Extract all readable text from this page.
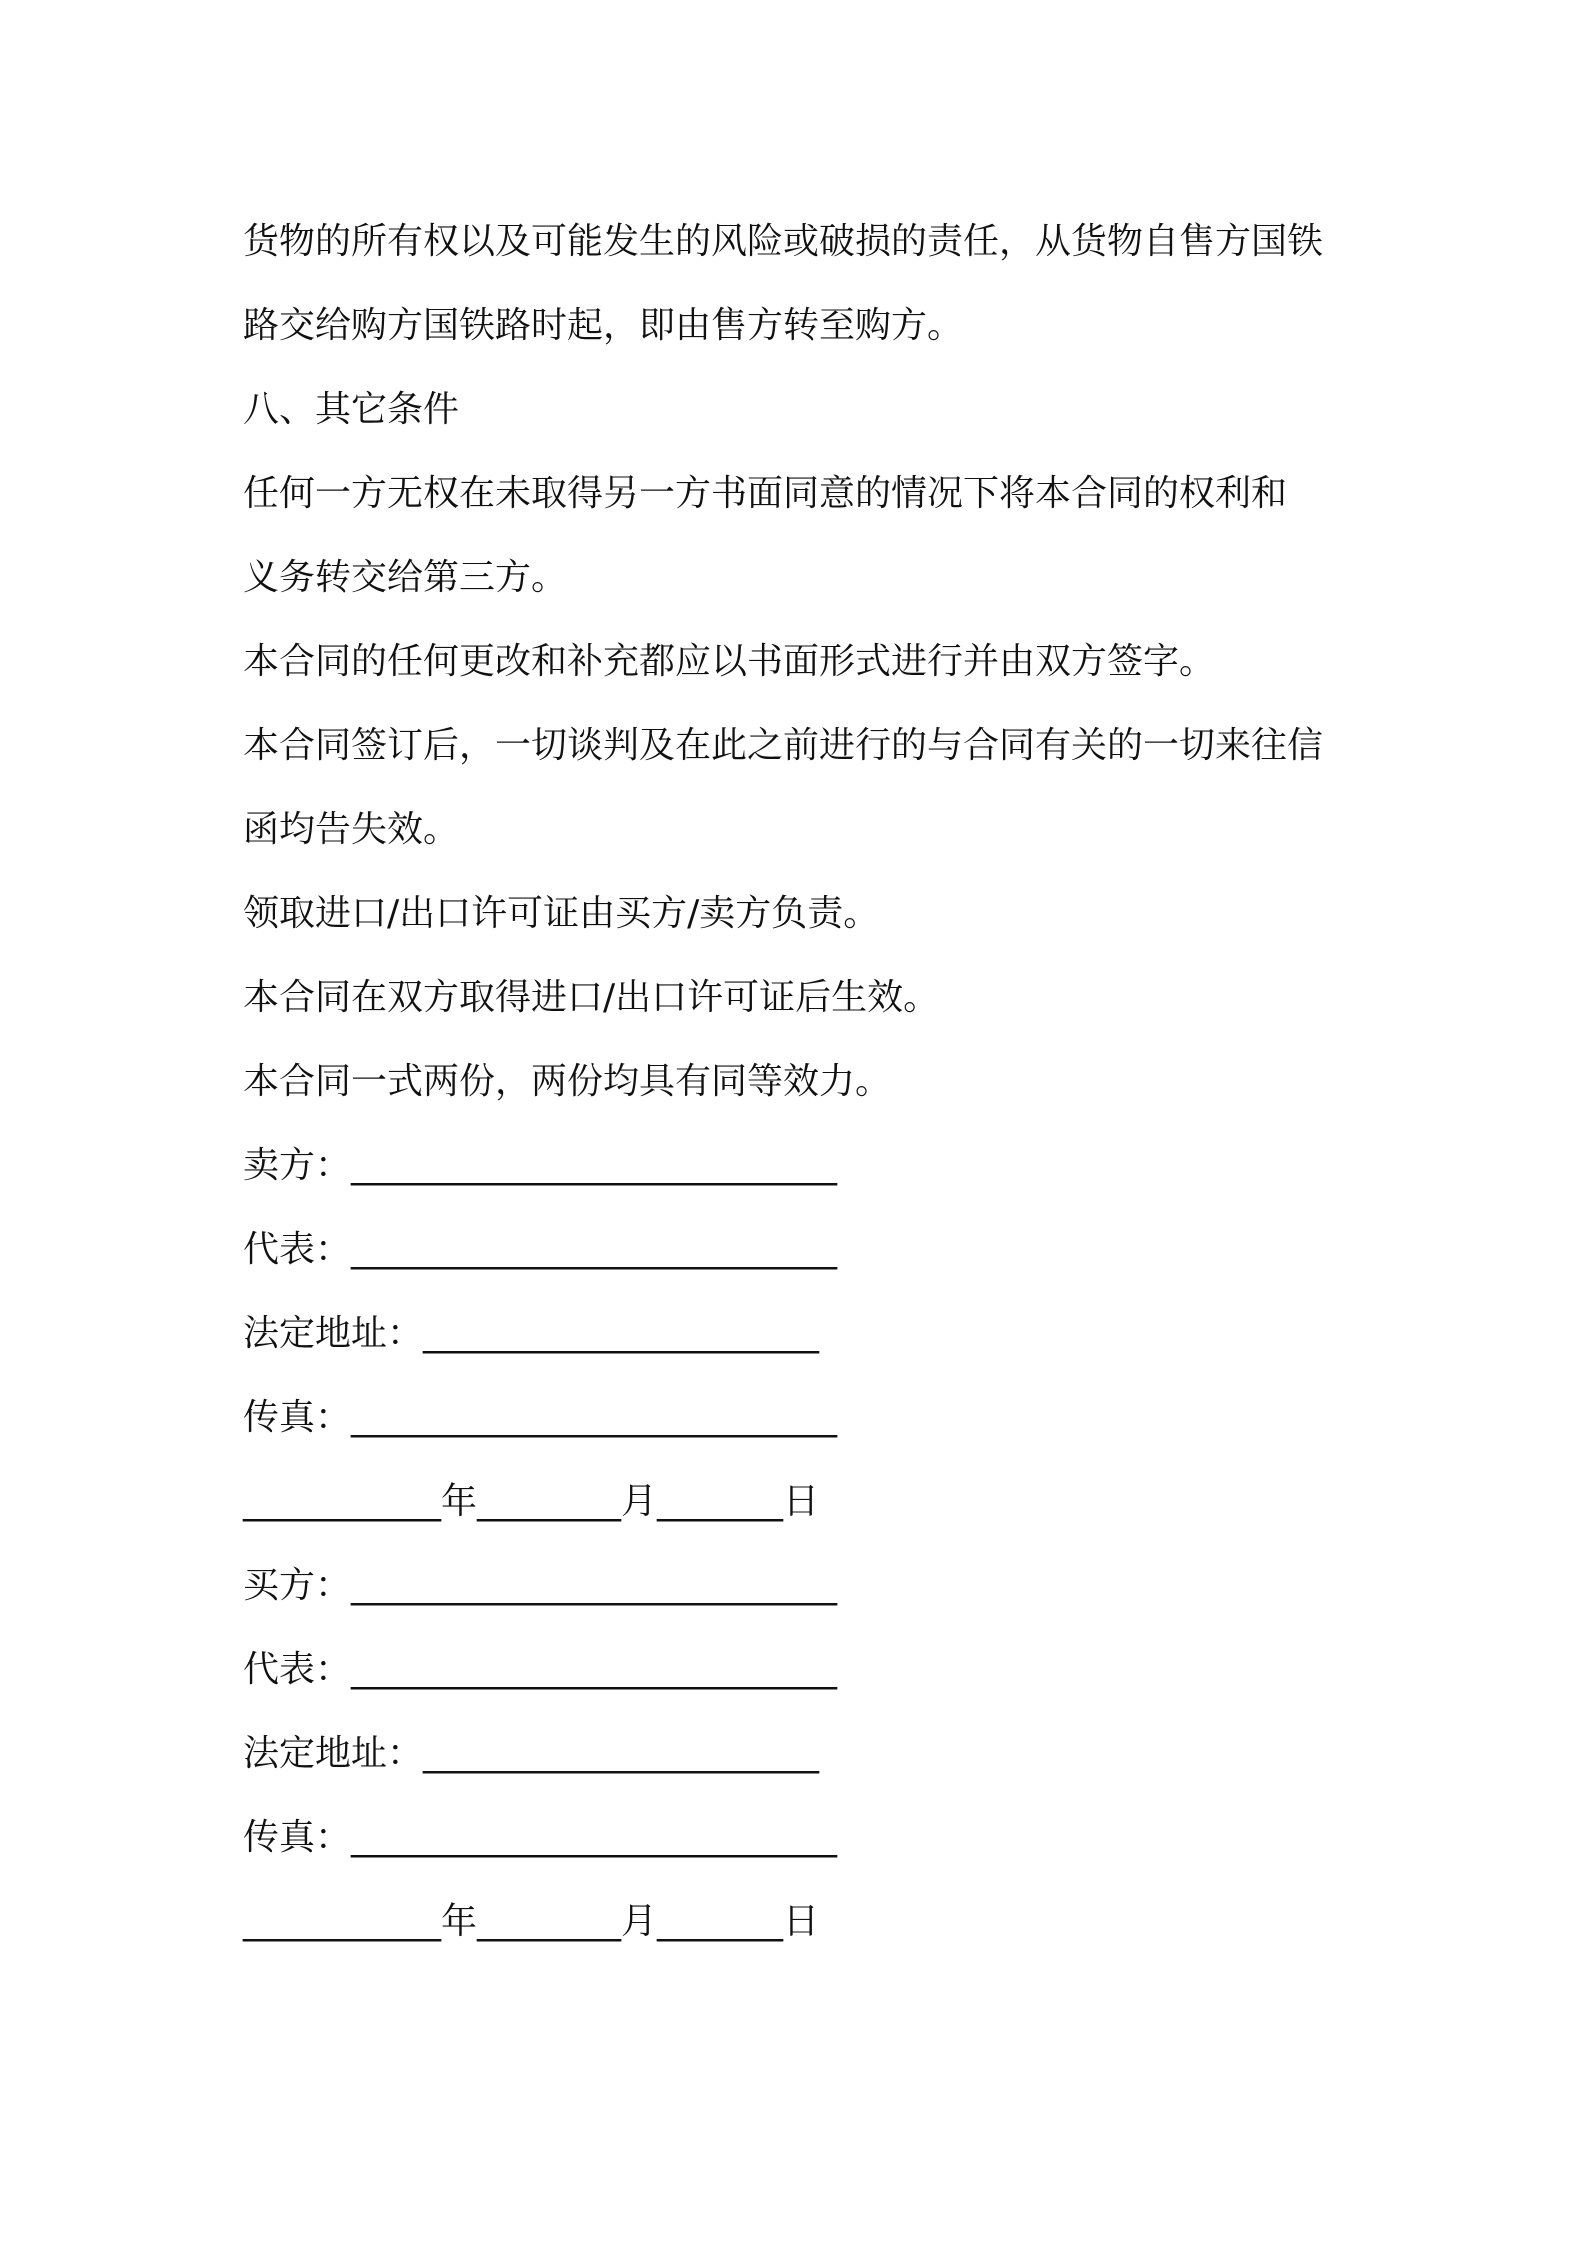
货物的所有权以及可能发生的风险或破损的责任，从货物自售方国铁
路交给购方国铁路时起，即由售方转至购方。
八、其它条件
任何一方无权在未取得另一方书面同意的情况下将本合同的权利和
义务转交给第三方。
本合同的任何更改和补充都应以书面形式进行并由双方签字。
本合同签订后，一切谈判及在此之前进行的与合同有关的一切来往信
函均告失效。
领取进口/出口许可证由买方/卖方负责。
本合同在双方取得进口/出口许可证后生效。
本合同一式两份，两份均具有同等效力。
卖方：___________________________
代表：___________________________
法定地址：______________________
传真：___________________________
___________年________月_______日
买方：___________________________
代表：___________________________
法定地址：______________________
传真：___________________________
___________年________月_______日
